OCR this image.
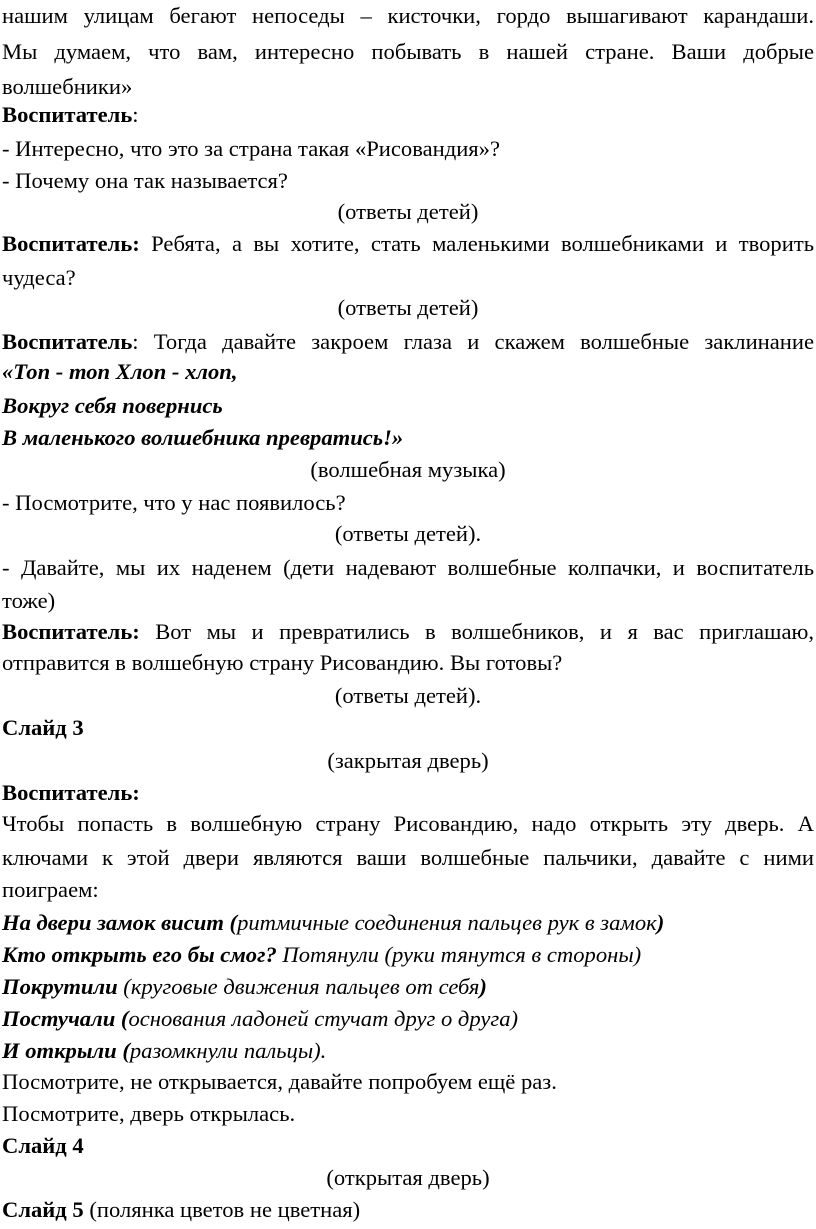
нашим улицам бегают непоседы – кисточки, гордо вышагивают карандаши.
Мы думаем, что вам, интересно побывать в нашей стране. Ваши добрые
волшебники»
Воспитатель:
- Интересно, что это за страна такая «Рисовандия»?
- Почему она так называется?
(ответы детей)
Воспитатель: Ребята, а вы хотите, стать маленькими волшебниками и творить
чудеса?
(ответы детей)
Воспитатель: Тогда давайте закроем глаза и скажем волшебные заклинание
«Топ - топ Хлоп - хлоп,
Вокруг себя повернись
В маленького волшебника превратись!»
(волшебная музыка)
- Посмотрите, что у нас появилось?
(ответы детей).
- Давайте, мы их наденем (дети надевают волшебные колпачки, и воспитатель
тоже)
Воспитатель: Вот мы и превратились в волшебников, и я вас приглашаю,
отправится в волшебную страну Рисовандию. Вы готовы?
(ответы детей).
Слайд 3
(закрытая дверь)
Воспитатель:
Чтобы попасть в волшебную страну Рисовандию, надо открыть эту дверь. А
ключами к этой двери являются ваши волшебные пальчики, давайте с ними
поиграем:
На двери замок висит (ритмичные соединения пальцев рук в замок)
Кто открыть его бы смог? Потянули (руки тянутся в стороны)
Покрутили (круговые движения пальцев от себя)
Постучали (основания ладоней стучат друг о друга)
И открыли (разомкнули пальцы).
Посмотрите, не открывается, давайте попробуем ещё раз.
Посмотрите, дверь открылась.
Слайд 4
(открытая дверь)
Слайд 5 (полянка цветов не цветная)
